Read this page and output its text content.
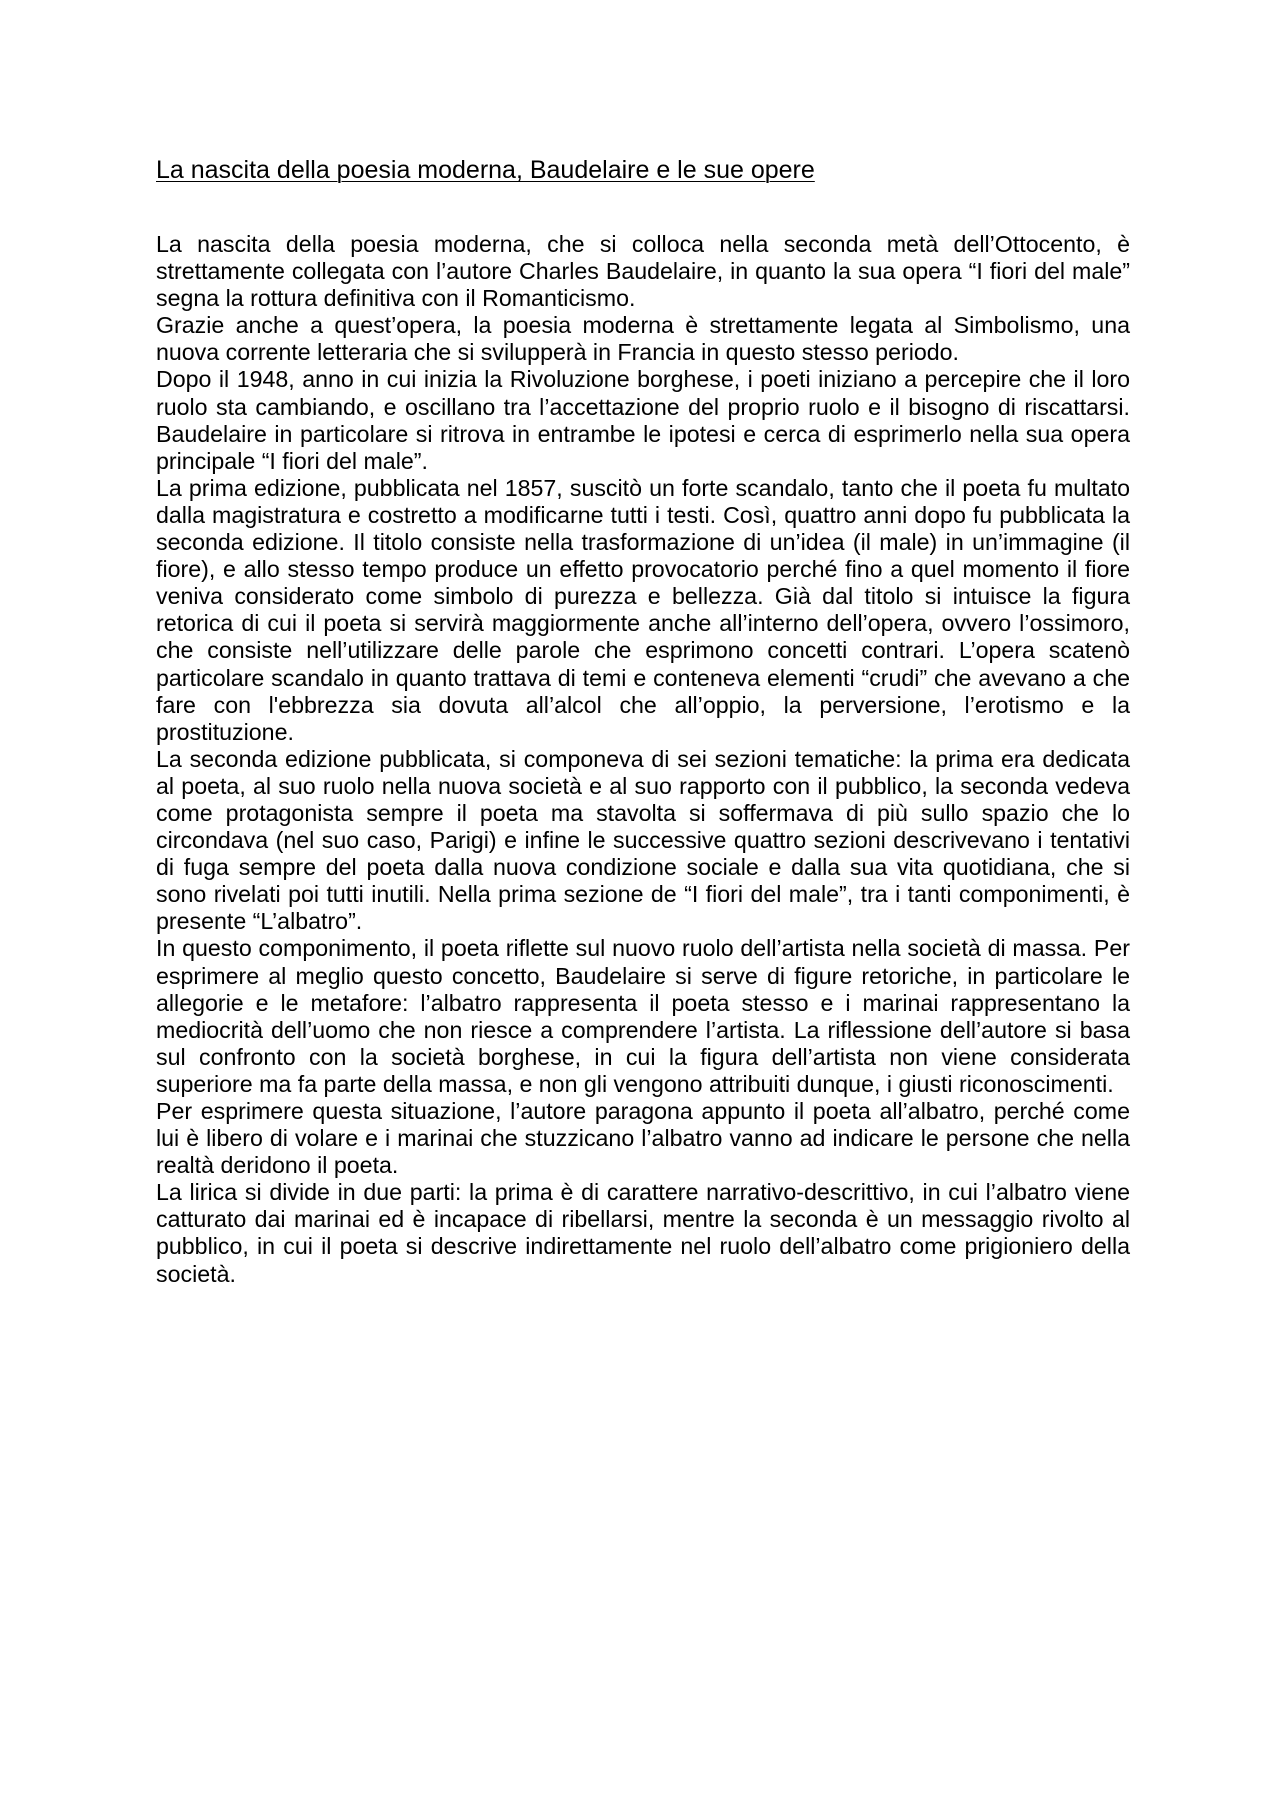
La nascita della poesia moderna, Baudelaire e le sue opere

La nascita della poesia moderna, che si colloca nella seconda metà dell’Ottocento, è strettamente collegata con l’autore Charles Baudelaire, in quanto la sua opera “I fiori del male” segna la rottura definitiva con il Romanticismo.

Grazie anche a quest’opera, la poesia moderna è strettamente legata al Simbolismo, una nuova corrente letteraria che si svilupperà in Francia in questo stesso periodo.

Dopo il 1948, anno in cui inizia la Rivoluzione borghese, i poeti iniziano a percepire che il loro ruolo sta cambiando, e oscillano tra l’accettazione del proprio ruolo e il bisogno di riscattarsi. Baudelaire in particolare si ritrova in entrambe le ipotesi e cerca di esprimerlo nella sua opera principale “I fiori del male”.

La prima edizione, pubblicata nel 1857, suscitò un forte scandalo, tanto che il poeta fu multato dalla magistratura e costretto a modificarne tutti i testi. Così, quattro anni dopo fu pubblicata la seconda edizione. Il titolo consiste nella trasformazione di un’idea (il male) in un’immagine (il fiore), e allo stesso tempo produce un effetto provocatorio perché fino a quel momento il fiore veniva considerato come simbolo di purezza e bellezza. Già dal titolo si intuisce la figura retorica di cui il poeta si servirà maggiormente anche all’interno dell’opera, ovvero l’ossimoro, che consiste nell’utilizzare delle parole che esprimono concetti contrari. L’opera scatenò particolare scandalo in quanto trattava di temi e conteneva elementi “crudi” che avevano a che fare con l'ebbrezza sia dovuta all’alcol che all’oppio, la perversione, l’erotismo e la prostituzione.

La seconda edizione pubblicata, si componeva di sei sezioni tematiche: la prima era dedicata al poeta, al suo ruolo nella nuova società e al suo rapporto con il pubblico, la seconda vedeva come protagonista sempre il poeta ma stavolta si soffermava di più sullo spazio che lo circondava (nel suo caso, Parigi) e infine le successive quattro sezioni descrivevano i tentativi di fuga sempre del poeta dalla nuova condizione sociale e dalla sua vita quotidiana, che si sono rivelati poi tutti inutili. Nella prima sezione de “I fiori del male”, tra i tanti componimenti, è presente “L’albatro”.

In questo componimento, il poeta riflette sul nuovo ruolo dell’artista nella società di massa. Per esprimere al meglio questo concetto, Baudelaire si serve di figure retoriche, in particolare le allegorie e le metafore: l’albatro rappresenta il poeta stesso e i marinai rappresentano la mediocrità dell’uomo che non riesce a comprendere l’artista. La riflessione dell’autore si basa sul confronto con la società borghese, in cui la figura dell’artista non viene considerata superiore ma fa parte della massa, e non gli vengono attribuiti dunque, i giusti riconoscimenti.

Per esprimere questa situazione, l’autore paragona appunto il poeta all’albatro, perché come lui è libero di volare e i marinai che stuzzicano l’albatro vanno ad indicare le persone che nella realtà deridono il poeta.

La lirica si divide in due parti: la prima è di carattere narrativo-descrittivo, in cui l’albatro viene catturato dai marinai ed è incapace di ribellarsi, mentre la seconda è un messaggio rivolto al pubblico, in cui il poeta si descrive indirettamente nel ruolo dell’albatro come prigioniero della società.
